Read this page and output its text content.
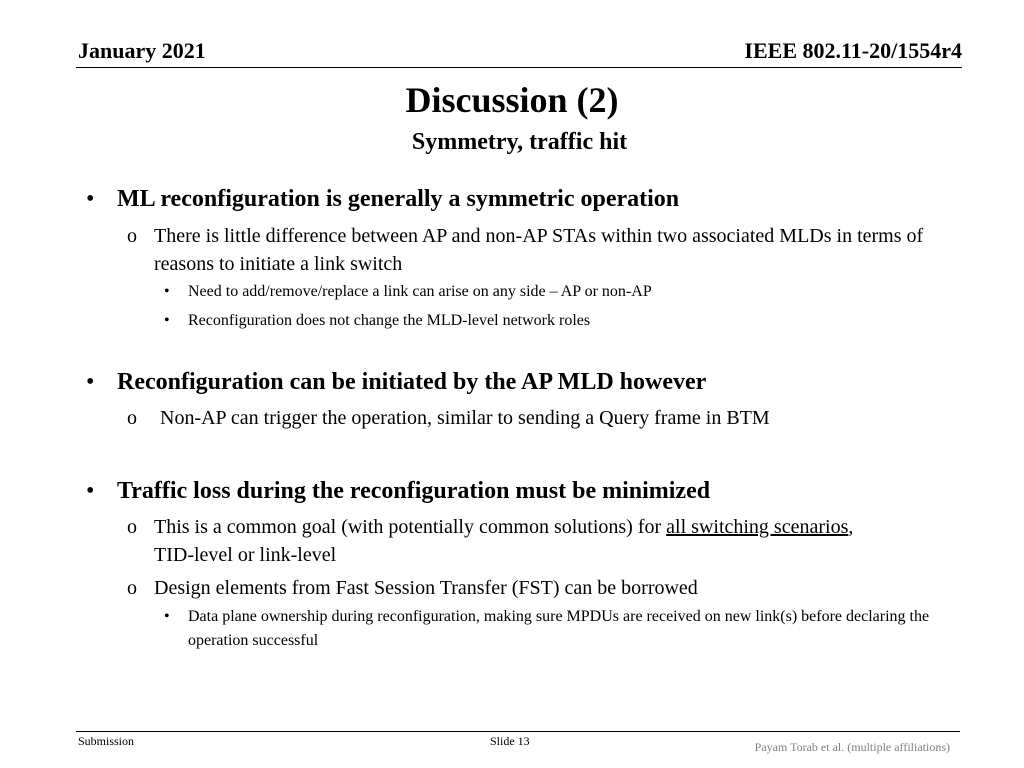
January 2021	IEEE 802.11-20/1554r4
Discussion (2)
Symmetry, traffic hit
• ML reconfiguration is generally a symmetric operation
o There is little difference between AP and non-AP STAs within two associated MLDs in terms of reasons to initiate a link switch
• Need to add/remove/replace a link can arise on any side – AP or non-AP
• Reconfiguration does not change the MLD-level network roles
• Reconfiguration can be initiated by the AP MLD however
o Non-AP can trigger the operation, similar to sending a Query frame in BTM
• Traffic loss during the reconfiguration must be minimized
o This is a common goal (with potentially common solutions) for all switching scenarios, TID-level or link-level
o Design elements from Fast Session Transfer (FST) can be borrowed
• Data plane ownership during reconfiguration, making sure MPDUs are received on new link(s) before declaring the operation successful
Submission	Slide 13	Payam Torab et al. (multiple affiliations)
